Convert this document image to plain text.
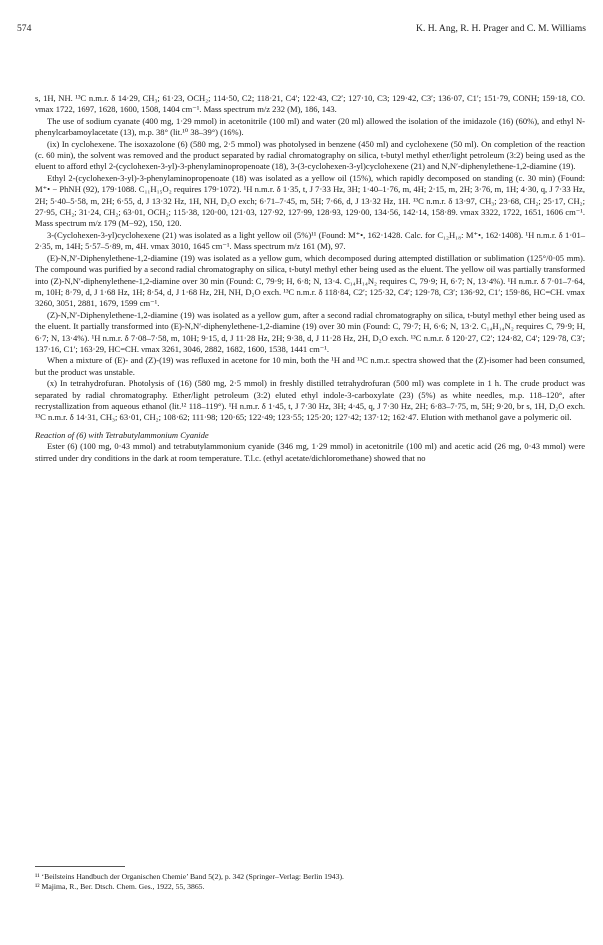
574	K. H. Ang, R. H. Prager and C. M. Williams

s, 1H, NH. ¹³C n.m.r. δ 14·29, CH₃; 61·23, OCH₂; 114·50, C2; 118·21, C4′; 122·43, C2′; 127·10, C3; 129·42, C3′; 136·07, C1′; 151·79, CONH; 159·18, CO. νmax 1722, 1697, 1628, 1600, 1508, 1404 cm⁻¹. Mass spectrum m/z 232 (M), 186, 143.

The use of sodium cyanate (400 mg, 1·29 mmol) in acetonitrile (100 ml) and water (20 ml) allowed the isolation of the imidazole (16) (60%), and ethyl N-phenylcarbamoylacetate (13), m.p. 38° (lit.¹⁰ 38–39°) (16%).

(ix) In cyclohexene. The isoxazolone (6) (580 mg, 2·5 mmol) was photolysed in benzene (450 ml) and cyclohexene (50 ml). On completion of the reaction (c. 60 min), the solvent was removed and the product separated by radial chromatography on silica, t-butyl methyl ether/light petroleum (3:2) being used as the eluent to afford ethyl 2-(cyclohexen-3-yl)-3-phenylaminopropenoate (18), 3-(3-cyclohexen-3-yl)cyclohexene (21) and N,N′-diphenylethene-1,2-diamine (19).

Ethyl 2-(cyclohexen-3-yl)-3-phenylaminopropenoate (18) was isolated as a yellow oil (15%), which rapidly decomposed on standing (c. 30 min) (Found: M⁺• − PhNH (92), 179·1088. C₁₁H₁₅O₂ requires 179·1072). ¹H n.m.r. δ 1·35, t, J 7·33 Hz, 3H; 1·40–1·76, m, 4H; 2·15, m, 2H; 3·76, m, 1H; 4·30, q, J 7·33 Hz, 2H; 5·40–5·58, m, 2H; 6·55, d, J 13·32 Hz, 1H, NH, D₂O exch; 6·71–7·45, m, 5H; 7·66, d, J 13·32 Hz, 1H. ¹³C n.m.r. δ 13·97, CH₃; 23·68, CH₂; 25·17, CH₂; 27·95, CH₂; 31·24, CH₂; 63·01, OCH₂; 115·38, 120·00, 121·03, 127·92, 127·99, 128·93, 129·00, 134·56, 142·14, 158·89. νmax 3322, 1722, 1651, 1606 cm⁻¹. Mass spectrum m/z 179 (M−92), 150, 120.

3-(Cyclohexen-3-yl)cyclohexene (21) was isolated as a light yellow oil (5%)¹¹ (Found: M⁺•, 162·1428. Calc. for C₁₂H₁₈: M⁺•, 162·1408). ¹H n.m.r. δ 1·01–2·35, m, 14H; 5·57–5·89, m, 4H. νmax 3010, 1645 cm⁻¹. Mass spectrum m/z 161 (M), 97.

(E)-N,N′-Diphenylethene-1,2-diamine (19) was isolated as a yellow gum, which decomposed during attempted distillation or sublimation (125°/0·05 mm). The compound was purified by a second radial chromatography on silica, t-butyl methyl ether being used as the eluent. The yellow oil was partially transformed into (Z)-N,N′-diphenylethene-1,2-diamine over 30 min (Found: C, 79·9; H, 6·8; N, 13·4. C₁₄H₁₄N₂ requires C, 79·9; H, 6·7; N, 13·4%). ¹H n.m.r. δ 7·01–7·64, m, 10H; 8·79, d, J 1·68 Hz, 1H; 8·54, d, J 1·68 Hz, 2H, NH, D₂O exch. ¹³C n.m.r. δ 118·84, C2′; 125·32, C4′; 129·78, C3′; 136·92, C1′; 159·86, HC=CH. νmax 3260, 3051, 2881, 1679, 1599 cm⁻¹.

(Z)-N,N′-Diphenylethene-1,2-diamine (19) was isolated as a yellow gum, after a second radial chromatography on silica, t-butyl methyl ether being used as the eluent. It partially transformed into (E)-N,N′-diphenylethene-1,2-diamine (19) over 30 min (Found: C, 79·7; H, 6·6; N, 13·2. C₁₄H₁₄N₂ requires C, 79·9; H, 6·7; N, 13·4%). ¹H n.m.r. δ 7·08–7·58, m, 10H; 9·15, d, J 11·28 Hz, 2H; 9·38, d, J 11·28 Hz, 2H, D₂O exch. ¹³C n.m.r. δ 120·27, C2′; 124·82, C4′; 129·78, C3′; 137·16, C1′; 163·29, HC=CH. νmax 3261, 3046, 2882, 1682, 1600, 1538, 1441 cm⁻¹.

When a mixture of (E)- and (Z)-(19) was refluxed in acetone for 10 min, both the ¹H and ¹³C n.m.r. spectra showed that the (Z)-isomer had been consumed, but the product was unstable.

(x) In tetrahydrofuran. Photolysis of (16) (580 mg, 2·5 mmol) in freshly distilled tetrahydrofuran (500 ml) was complete in 1 h. The crude product was separated by radial chromatography. Ether/light petroleum (3:2) eluted ethyl indole-3-carboxylate (23) (5%) as white needles, m.p. 118–120°, after recrystallization from aqueous ethanol (lit.¹² 118–119°). ¹H n.m.r. δ 1·45, t, J 7·30 Hz, 3H; 4·45, q, J 7·30 Hz, 2H; 6·83–7·75, m, 5H; 9·20, br s, 1H, D₂O exch. ¹³C n.m.r. δ 14·31, CH₃; 63·01, CH₂; 108·62; 111·98; 120·65; 122·49; 123·55; 125·20; 127·42; 137·12; 162·47. Elution with methanol gave a polymeric oil.

Reaction of (6) with Tetrabutylammonium Cyanide

Ester (6) (100 mg, 0·43 mmol) and tetrabutylammonium cyanide (346 mg, 1·29 mmol) in acetonitrile (100 ml) and acetic acid (26 mg, 0·43 mmol) were stirred under dry conditions in the dark at room temperature. T.l.c. (ethyl acetate/dichloromethane) showed that no

¹¹ ‘Beilsteins Handbuch der Organischen Chemie’ Band 5(2), p. 342 (Springer–Verlag: Berlin 1943).

¹² Majima, R., Ber. Dtsch. Chem. Ges., 1922, 55, 3865.
